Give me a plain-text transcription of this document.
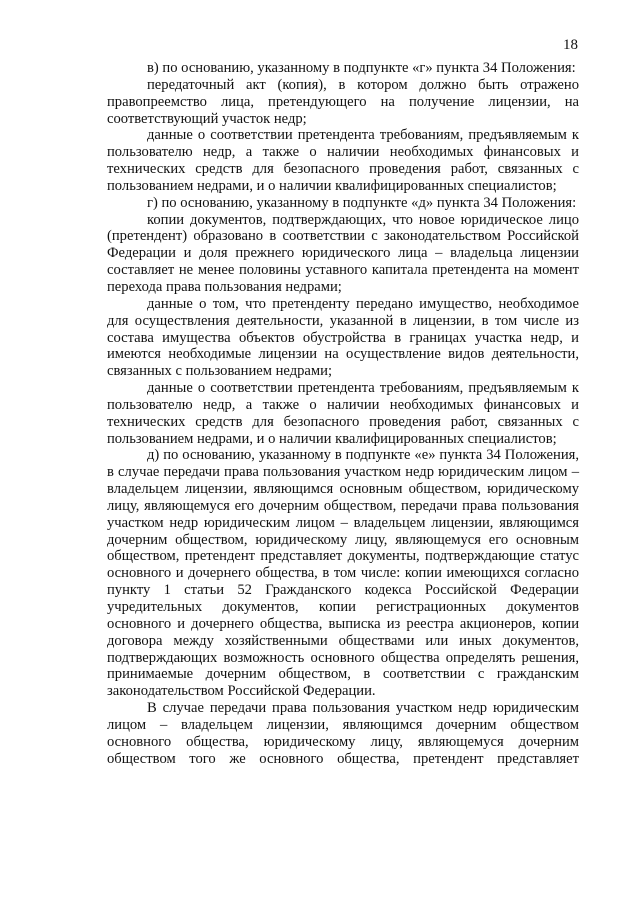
18

в) по основанию, указанному в подпункте «г» пункта 34 Положения:

передаточный акт (копия), в котором должно быть отражено правопреемство лица, претендующего на получение лицензии, на соответствующий участок недр;

данные о соответствии претендента требованиям, предъявляемым к пользователю недр, а также о наличии необходимых финансовых и технических средств для безопасного проведения работ, связанных с пользованием недрами, и о наличии квалифицированных специалистов;

г) по основанию, указанному в подпункте «д» пункта 34 Положения:

копии документов, подтверждающих, что новое юридическое лицо (претендент) образовано в соответствии с законодательством Российской Федерации и доля прежнего юридического лица – владельца лицензии составляет не менее половины уставного капитала претендента на момент перехода права пользования недрами;

данные о том, что претенденту передано имущество, необходимое для осуществления деятельности, указанной в лицензии, в том числе из состава имущества объектов обустройства в границах участка недр, и имеются необходимые лицензии на осуществление видов деятельности, связанных с пользованием недрами;

данные о соответствии претендента требованиям, предъявляемым к пользователю недр, а также о наличии необходимых финансовых и технических средств для безопасного проведения работ, связанных с пользованием недрами, и о наличии квалифицированных специалистов;

д) по основанию, указанному в подпункте «е» пункта 34 Положения, в случае передачи права пользования участком недр юридическим лицом – владельцем лицензии, являющимся основным обществом, юридическому лицу, являющемуся его дочерним обществом, передачи права пользования участком недр юридическим лицом – владельцем лицензии, являющимся дочерним обществом, юридическому лицу, являющемуся его основным обществом, претендент представляет документы, подтверждающие статус основного и дочернего общества, в том числе: копии имеющихся согласно пункту 1 статьи 52 Гражданского кодекса Российской Федерации учредительных документов, копии регистрационных документов основного и дочернего общества, выписка из реестра акционеров, копии договора между хозяйственными обществами или иных документов, подтверждающих возможность основного общества определять решения, принимаемые дочерним обществом, в соответствии с гражданским законодательством Российской Федерации.

В случае передачи права пользования участком недр юридическим лицом – владельцем лицензии, являющимся дочерним обществом основного общества, юридическому лицу, являющемуся дочерним обществом того же основного общества, претендент представляет
